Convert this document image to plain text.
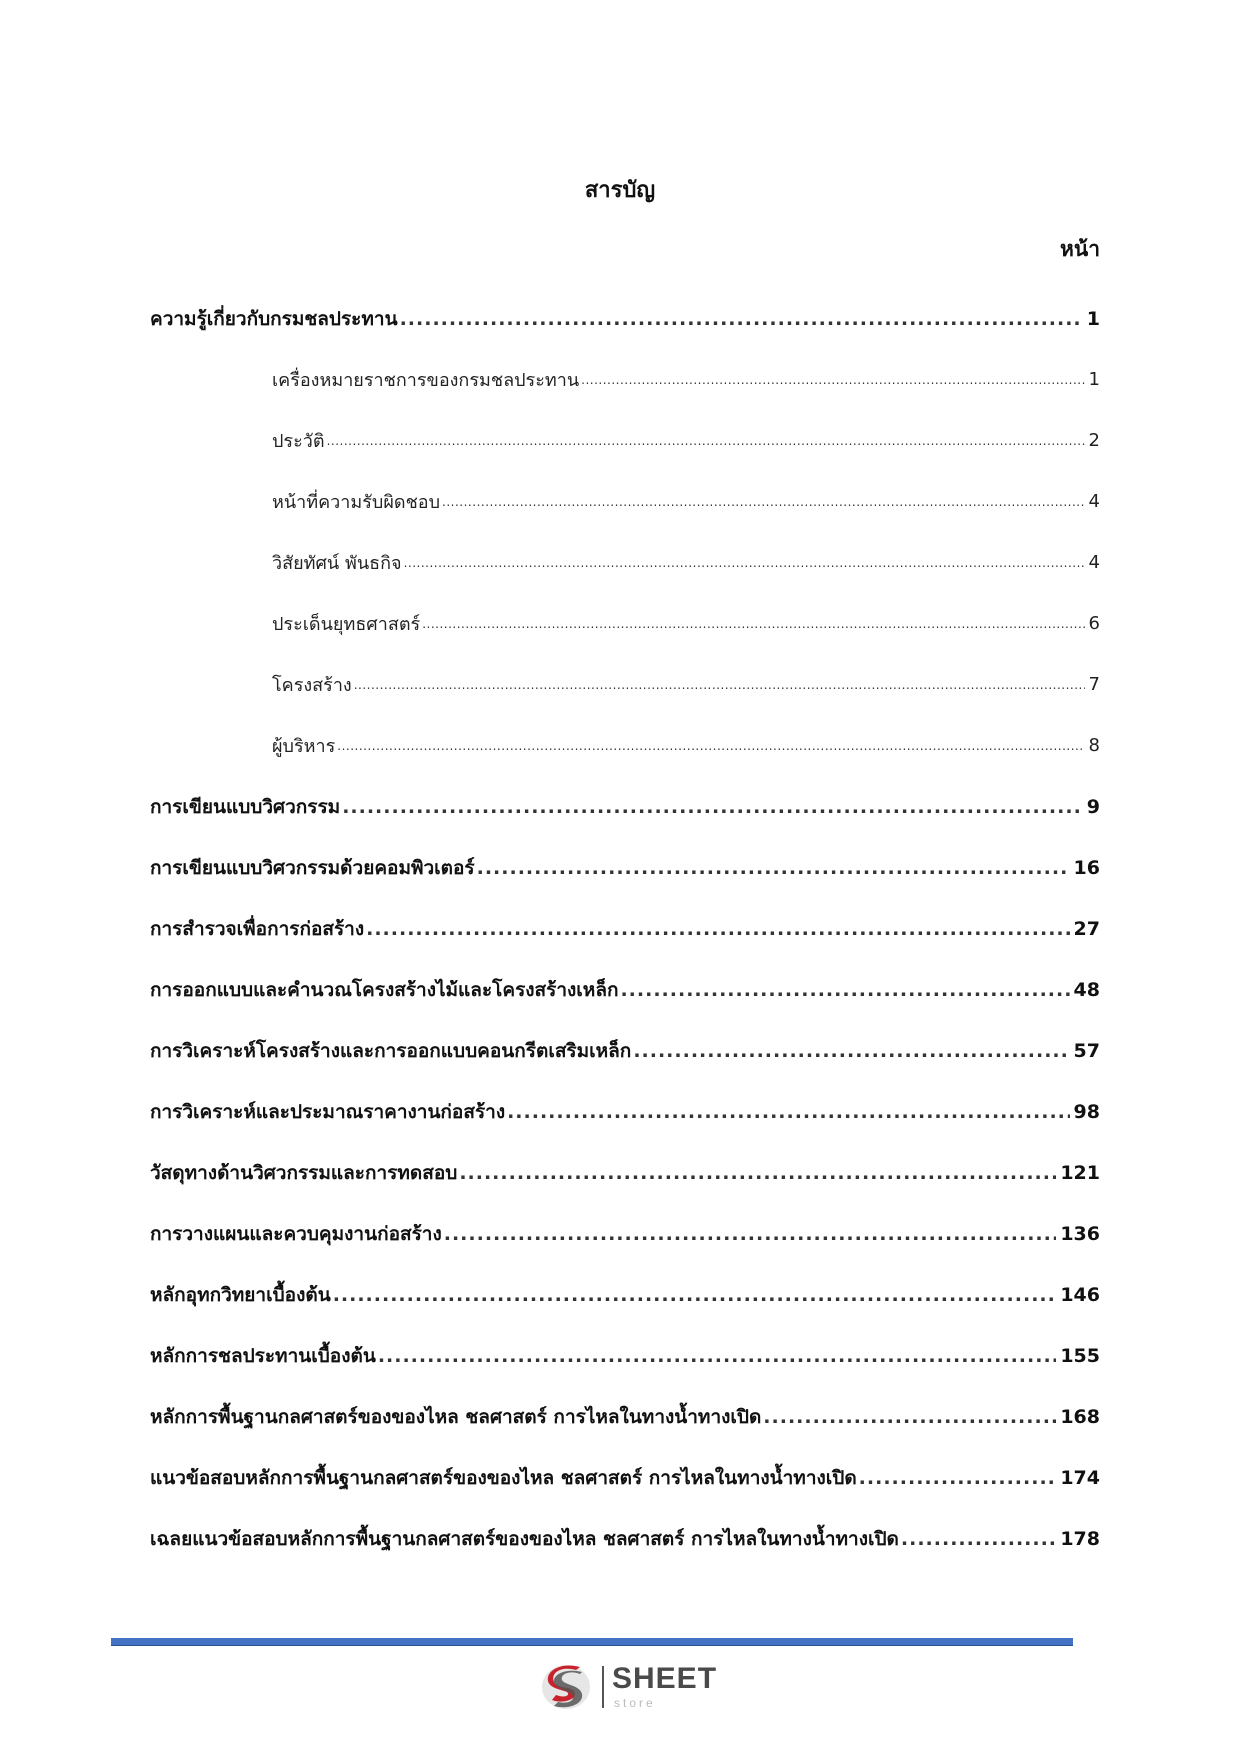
สารบัญ
หน้า
ความรู้เกี่ยวกับกรมชลประทาน .....	1
เครื่องหมายราชการของกรมชลประทาน .....	1
ประวัติ .....	2
หน้าที่ความรับผิดชอบ .....	4
วิสัยทัศน์ พันธกิจ .....	4
ประเด็นยุทธศาสตร์ .....	6
โครงสร้าง .....	7
ผู้บริหาร .....	8
การเขียนแบบวิศวกรรม .....	9
การเขียนแบบวิศวกรรมด้วยคอมพิวเตอร์ .....	16
การสำรวจเพื่อการก่อสร้าง .....	27
การออกแบบและคำนวณโครงสร้างไม้และโครงสร้างเหล็ก .....	48
การวิเคราะห์โครงสร้างและการออกแบบคอนกรีตเสริมเหล็ก .....	57
การวิเคราะห์และประมาณราคางานก่อสร้าง .....	98
วัสดุทางด้านวิศวกรรมและการทดสอบ .....	121
การวางแผนและควบคุมงานก่อสร้าง .....	136
หลักอุทกวิทยาเบื้องต้น .....	146
หลักการชลประทานเบื้องต้น .....	155
หลักการพื้นฐานกลศาสตร์ของของไหล ชลศาสตร์ การไหลในทางน้ำทางเปิด .....	168
แนวข้อสอบหลักการพื้นฐานกลศาสตร์ของของไหล ชลศาสตร์ การไหลในทางน้ำทางเปิด .....	174
เฉลยแนวข้อสอบหลักการพื้นฐานกลศาสตร์ของของไหล ชลศาสตร์ การไหลในทางน้ำทางเปิด .....	178
SHEET
store
